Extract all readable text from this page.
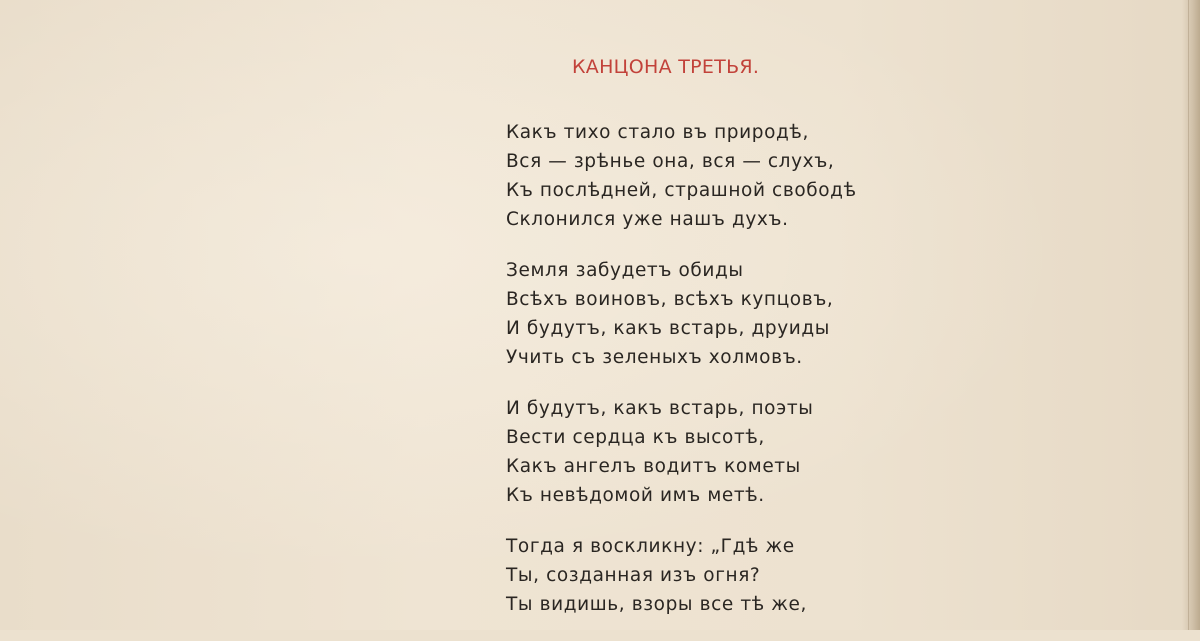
КАНЦОНА ТРЕТЬЯ.
Какъ тихо стало въ природѣ,
Вся — зрѣнье она, вся — слухъ,
Къ послѣдней, страшной свободѣ
Склонился уже нашъ духъ.
Земля забудетъ обиды
Всѣхъ воиновъ, всѣхъ купцовъ,
И будутъ, какъ встарь, друиды
Учить съ зеленыхъ холмовъ.
И будутъ, какъ встарь, поэты
Вести сердца къ высотѣ,
Какъ ангелъ водитъ кометы
Къ невѣдомой имъ метѣ.
Тогда я воскликну: „Гдѣ же
Ты, созданная изъ огня?
Ты видишь, взоры все тѣ же,
